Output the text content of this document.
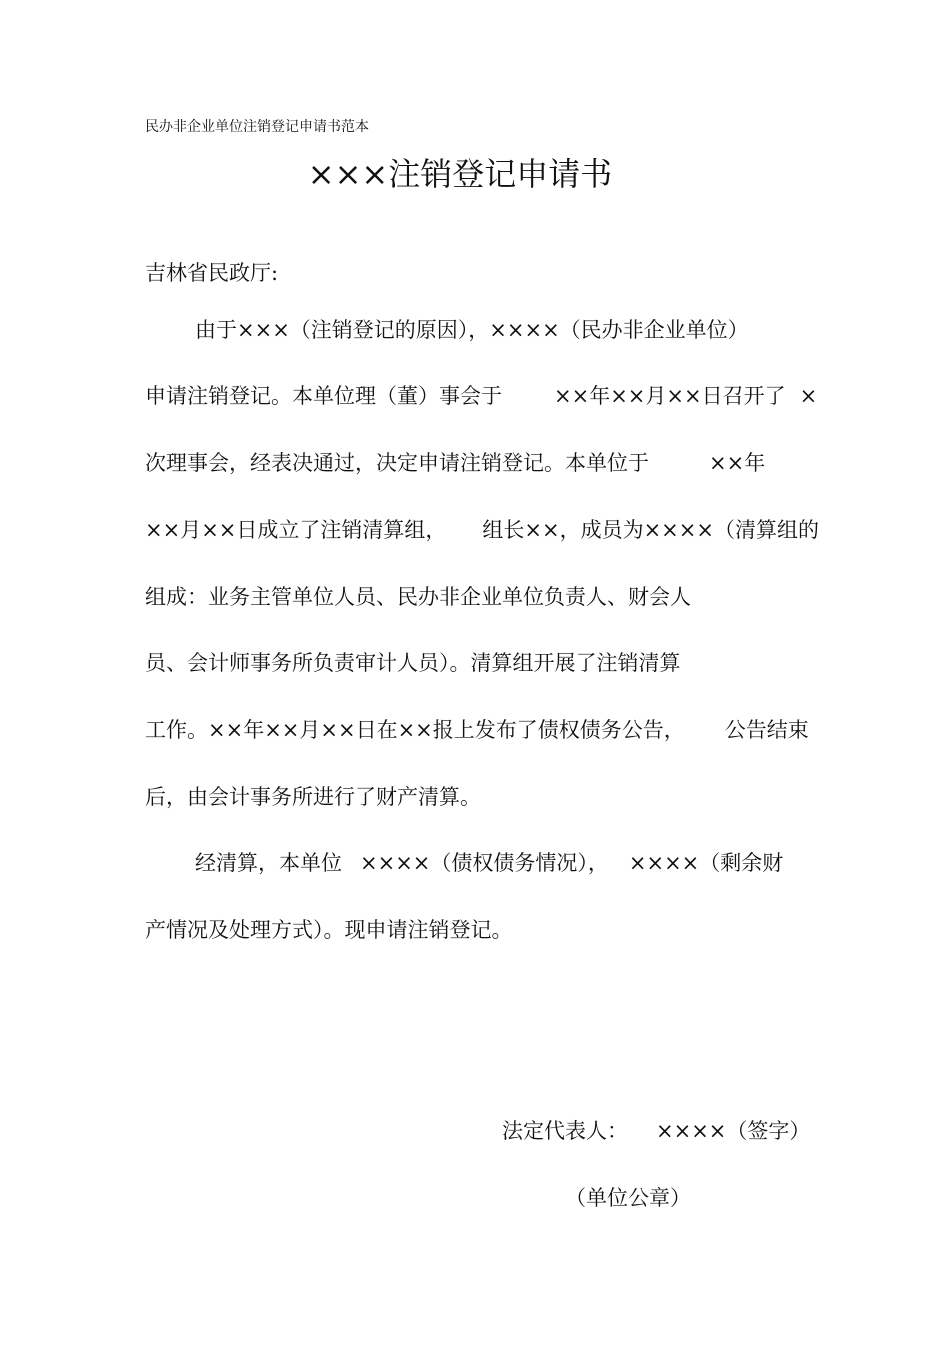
民办非企业单位注销登记申请书范本
×××注销登记申请书
吉林省民政厅:
由于×××（注销登记的原因），××××（民办非企业单位）
申请注销登记。本单位理（董）事会于 ××年××月××日召开了 ×
次理事会，经表决通过，决定申请注销登记。本单位于	××年
××月××日成立了注销清算组， 组长××，成员为××××（清算组的
组成：业务主管单位人员、民办非企业单位负责人、财会人
员、会计师事务所负责审计人员）。清算组开展了注销清算
工作。××年××月××日在××报上发布了债权债务公告， 公告结束
后，由会计事务所进行了财产清算。
经清算，本单位 ××××（债权债务情况）， ××××（剩余财
产情况及处理方式）。现申请注销登记。
法定代表人： ××××（签字）
（单位公章）
